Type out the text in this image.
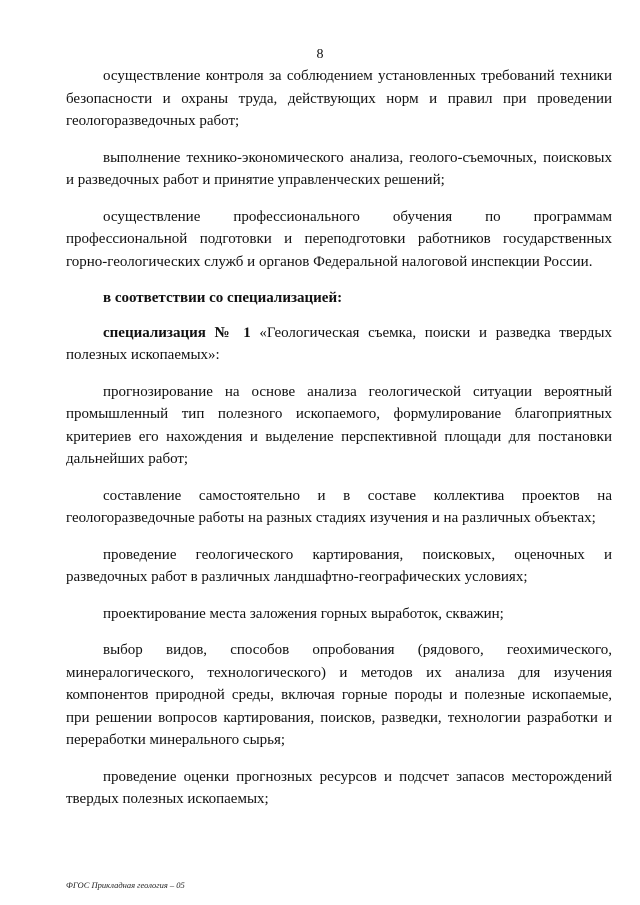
8

осуществление контроля за соблюдением установленных требований техники безопасности и охраны труда, действующих норм и правил при проведении геологоразведочных работ;

выполнение технико-экономического анализа, геолого-съемочных, поисковых и разведочных работ и принятие управленческих решений;

осуществление профессионального обучения по программам профессиональной подготовки и переподготовки работников государственных горно-геологических служб и органов Федеральной налоговой инспекции России.

в соответствии со специализацией:

специализация № 1 «Геологическая съемка, поиски и разведка твердых полезных ископаемых»:

прогнозирование на основе анализа геологической ситуации вероятный промышленный тип полезного ископаемого, формулирование благоприятных критериев его нахождения и выделение перспективной площади для постановки дальнейших работ;

составление самостоятельно и в составе коллектива проектов на геологоразведочные работы на разных стадиях изучения и на различных объектах;

проведение геологического картирования, поисковых, оценочных и разведочных работ в различных ландшафтно-географических условиях;

проектирование места заложения горных выработок, скважин;

выбор видов, способов опробования (рядового, геохимического, минералогического, технологического) и методов их анализа для изучения компонентов природной среды, включая горные породы и полезные ископаемые, при решении вопросов картирования, поисков, разведки, технологии разработки и переработки минерального сырья;

проведение оценки прогнозных ресурсов и подсчет запасов месторождений твердых полезных ископаемых;

ФГОС Прикладная геология – 05
